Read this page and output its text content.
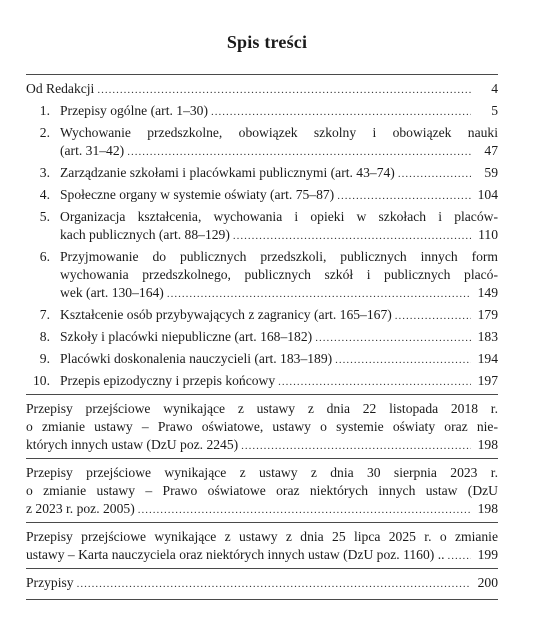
Spis treści
Od Redakcji .....	4
1. Przepisy ogólne (art. 1–30) .....	5
2. Wychowanie przedszkolne, obowiązek szkolny i obowiązek nauki
(art. 31–42) .....	47
3. Zarządzanie szkołami i placówkami publicznymi (art. 43–74) .....	59
4. Społeczne organy w systemie oświaty (art. 75–87) .....	104
5. Organizacja kształcenia, wychowania i opieki w szkołach i placów-
kach publicznych (art. 88–129) .....	110
6. Przyjmowanie do publicznych przedszkoli, publicznych innych form
wychowania przedszkolnego, publicznych szkół i publicznych placó-
wek (art. 130–164) .....	149
7. Kształcenie osób przybywających z zagranicy (art. 165–167) .....	179
8. Szkoły i placówki niepubliczne (art. 168–182) .....	183
9. Placówki doskonalenia nauczycieli (art. 183–189) .....	194
10. Przepis epizodyczny i przepis końcowy .....	197
Przepisy przejściowe wynikające z ustawy z dnia 22 listopada 2018 r.
o zmianie ustawy – Prawo oświatowe, ustawy o systemie oświaty oraz nie-
których innych ustaw (DzU poz. 2245) .....	198
Przepisy przejściowe wynikające z ustawy z dnia 30 sierpnia 2023 r.
o zmianie ustawy – Prawo oświatowe oraz niektórych innych ustaw (DzU
z 2023 r. poz. 2005) .....	198
Przepisy przejściowe wynikające z ustawy z dnia 25 lipca 2025 r. o zmianie
ustawy – Karta nauczyciela oraz niektórych innych ustaw (DzU poz. 1160) .. ..... 199
Przypisy .....	200
